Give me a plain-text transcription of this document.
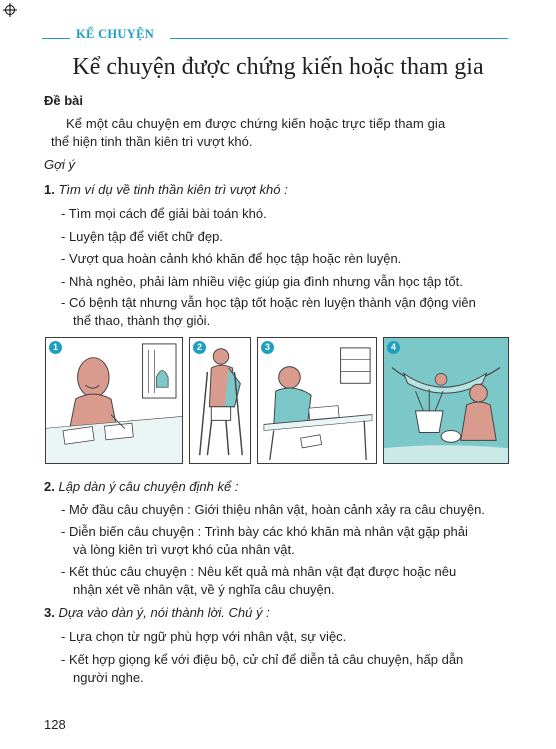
KỂ CHUYỆN
Kể chuyện được chứng kiến hoặc tham gia

Đề bài

Kể một câu chuyện em được chứng kiến hoặc trực tiếp tham gia

thể hiện tinh thần kiên trì vượt khó.

Gợi ý

1. Tìm ví dụ về tinh thần kiên trì vượt khó :

- Tìm mọi cách để giải bài toán khó.

- Luyện tập để viết chữ đẹp.

- Vượt qua hoàn cảnh khó khăn để học tập hoặc rèn luyện.

- Nhà nghèo, phải làm nhiều việc giúp gia đình nhưng vẫn học tập tốt.

- Có bệnh tật nhưng vẫn học tập tốt hoặc rèn luyện thành vận động viên

thể thao, thành thợ giỏi.

1	2	3	4

2. Lập dàn ý câu chuyện định kể :

- Mở đầu câu chuyện : Giới thiệu nhân vật, hoàn cảnh xảy ra câu chuyện.

- Diễn biến câu chuyện : Trình bày các khó khăn mà nhân vật gặp phải

và lòng kiên trì vượt khó của nhân vật.

- Kết thúc câu chuyện : Nêu kết quả mà nhân vật đạt được hoặc nêu

nhận xét về nhân vật, về ý nghĩa câu chuyện.

3. Dựa vào dàn ý, nói thành lời. Chú ý :

- Lựa chọn từ ngữ phù hợp với nhân vật, sự việc.

- Kết hợp giọng kể với điệu bộ, cử chỉ để diễn tả câu chuyện, hấp dẫn

người nghe.

128
